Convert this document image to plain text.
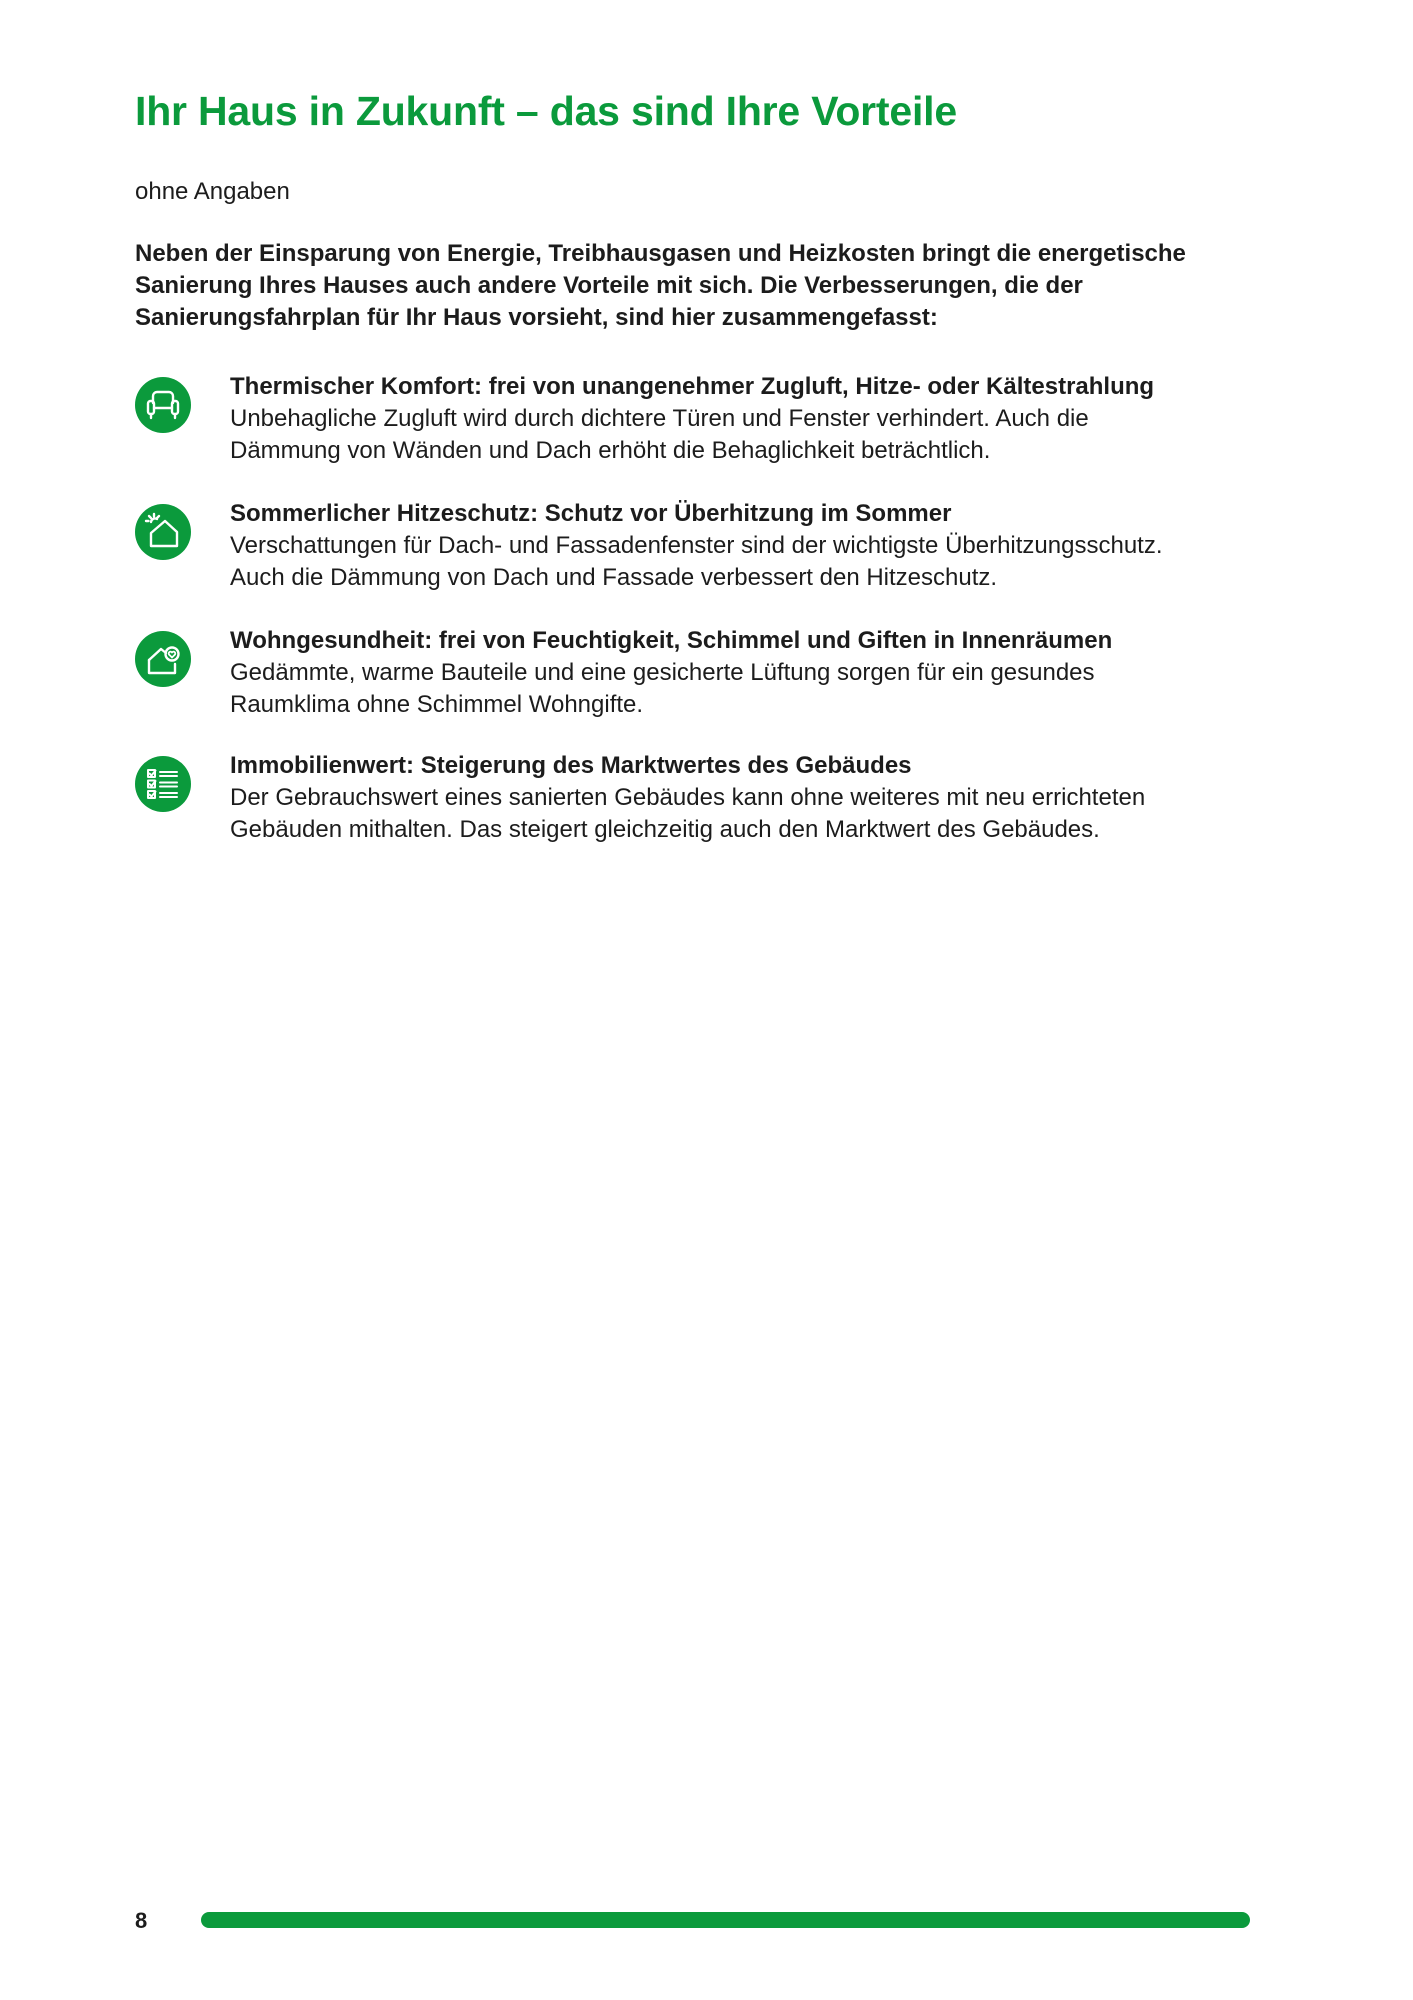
Ihr Haus in Zukunft – das sind Ihre Vorteile
ohne Angaben
Neben der Einsparung von Energie, Treibhausgasen und Heizkosten bringt die energetische
Sanierung Ihres Hauses auch andere Vorteile mit sich. Die Verbesserungen, die der
Sanierungsfahrplan für Ihr Haus vorsieht, sind hier zusammengefasst:
Thermischer Komfort: frei von unangenehmer Zugluft, Hitze- oder Kältestrahlung
Unbehagliche Zugluft wird durch dichtere Türen und Fenster verhindert. Auch die
Dämmung von Wänden und Dach erhöht die Behaglichkeit beträchtlich.
Sommerlicher Hitzeschutz: Schutz vor Überhitzung im Sommer
Verschattungen für Dach- und Fassadenfenster sind der wichtigste Überhitzungsschutz.
Auch die Dämmung von Dach und Fassade verbessert den Hitzeschutz.
Wohngesundheit: frei von Feuchtigkeit, Schimmel und Giften in Innenräumen
Gedämmte, warme Bauteile und eine gesicherte Lüftung sorgen für ein gesundes
Raumklima ohne Schimmel Wohngifte.
Immobilienwert: Steigerung des Marktwertes des Gebäudes
Der Gebrauchswert eines sanierten Gebäudes kann ohne weiteres mit neu errichteten
Gebäuden mithalten. Das steigert gleichzeitig auch den Marktwert des Gebäudes.
8
